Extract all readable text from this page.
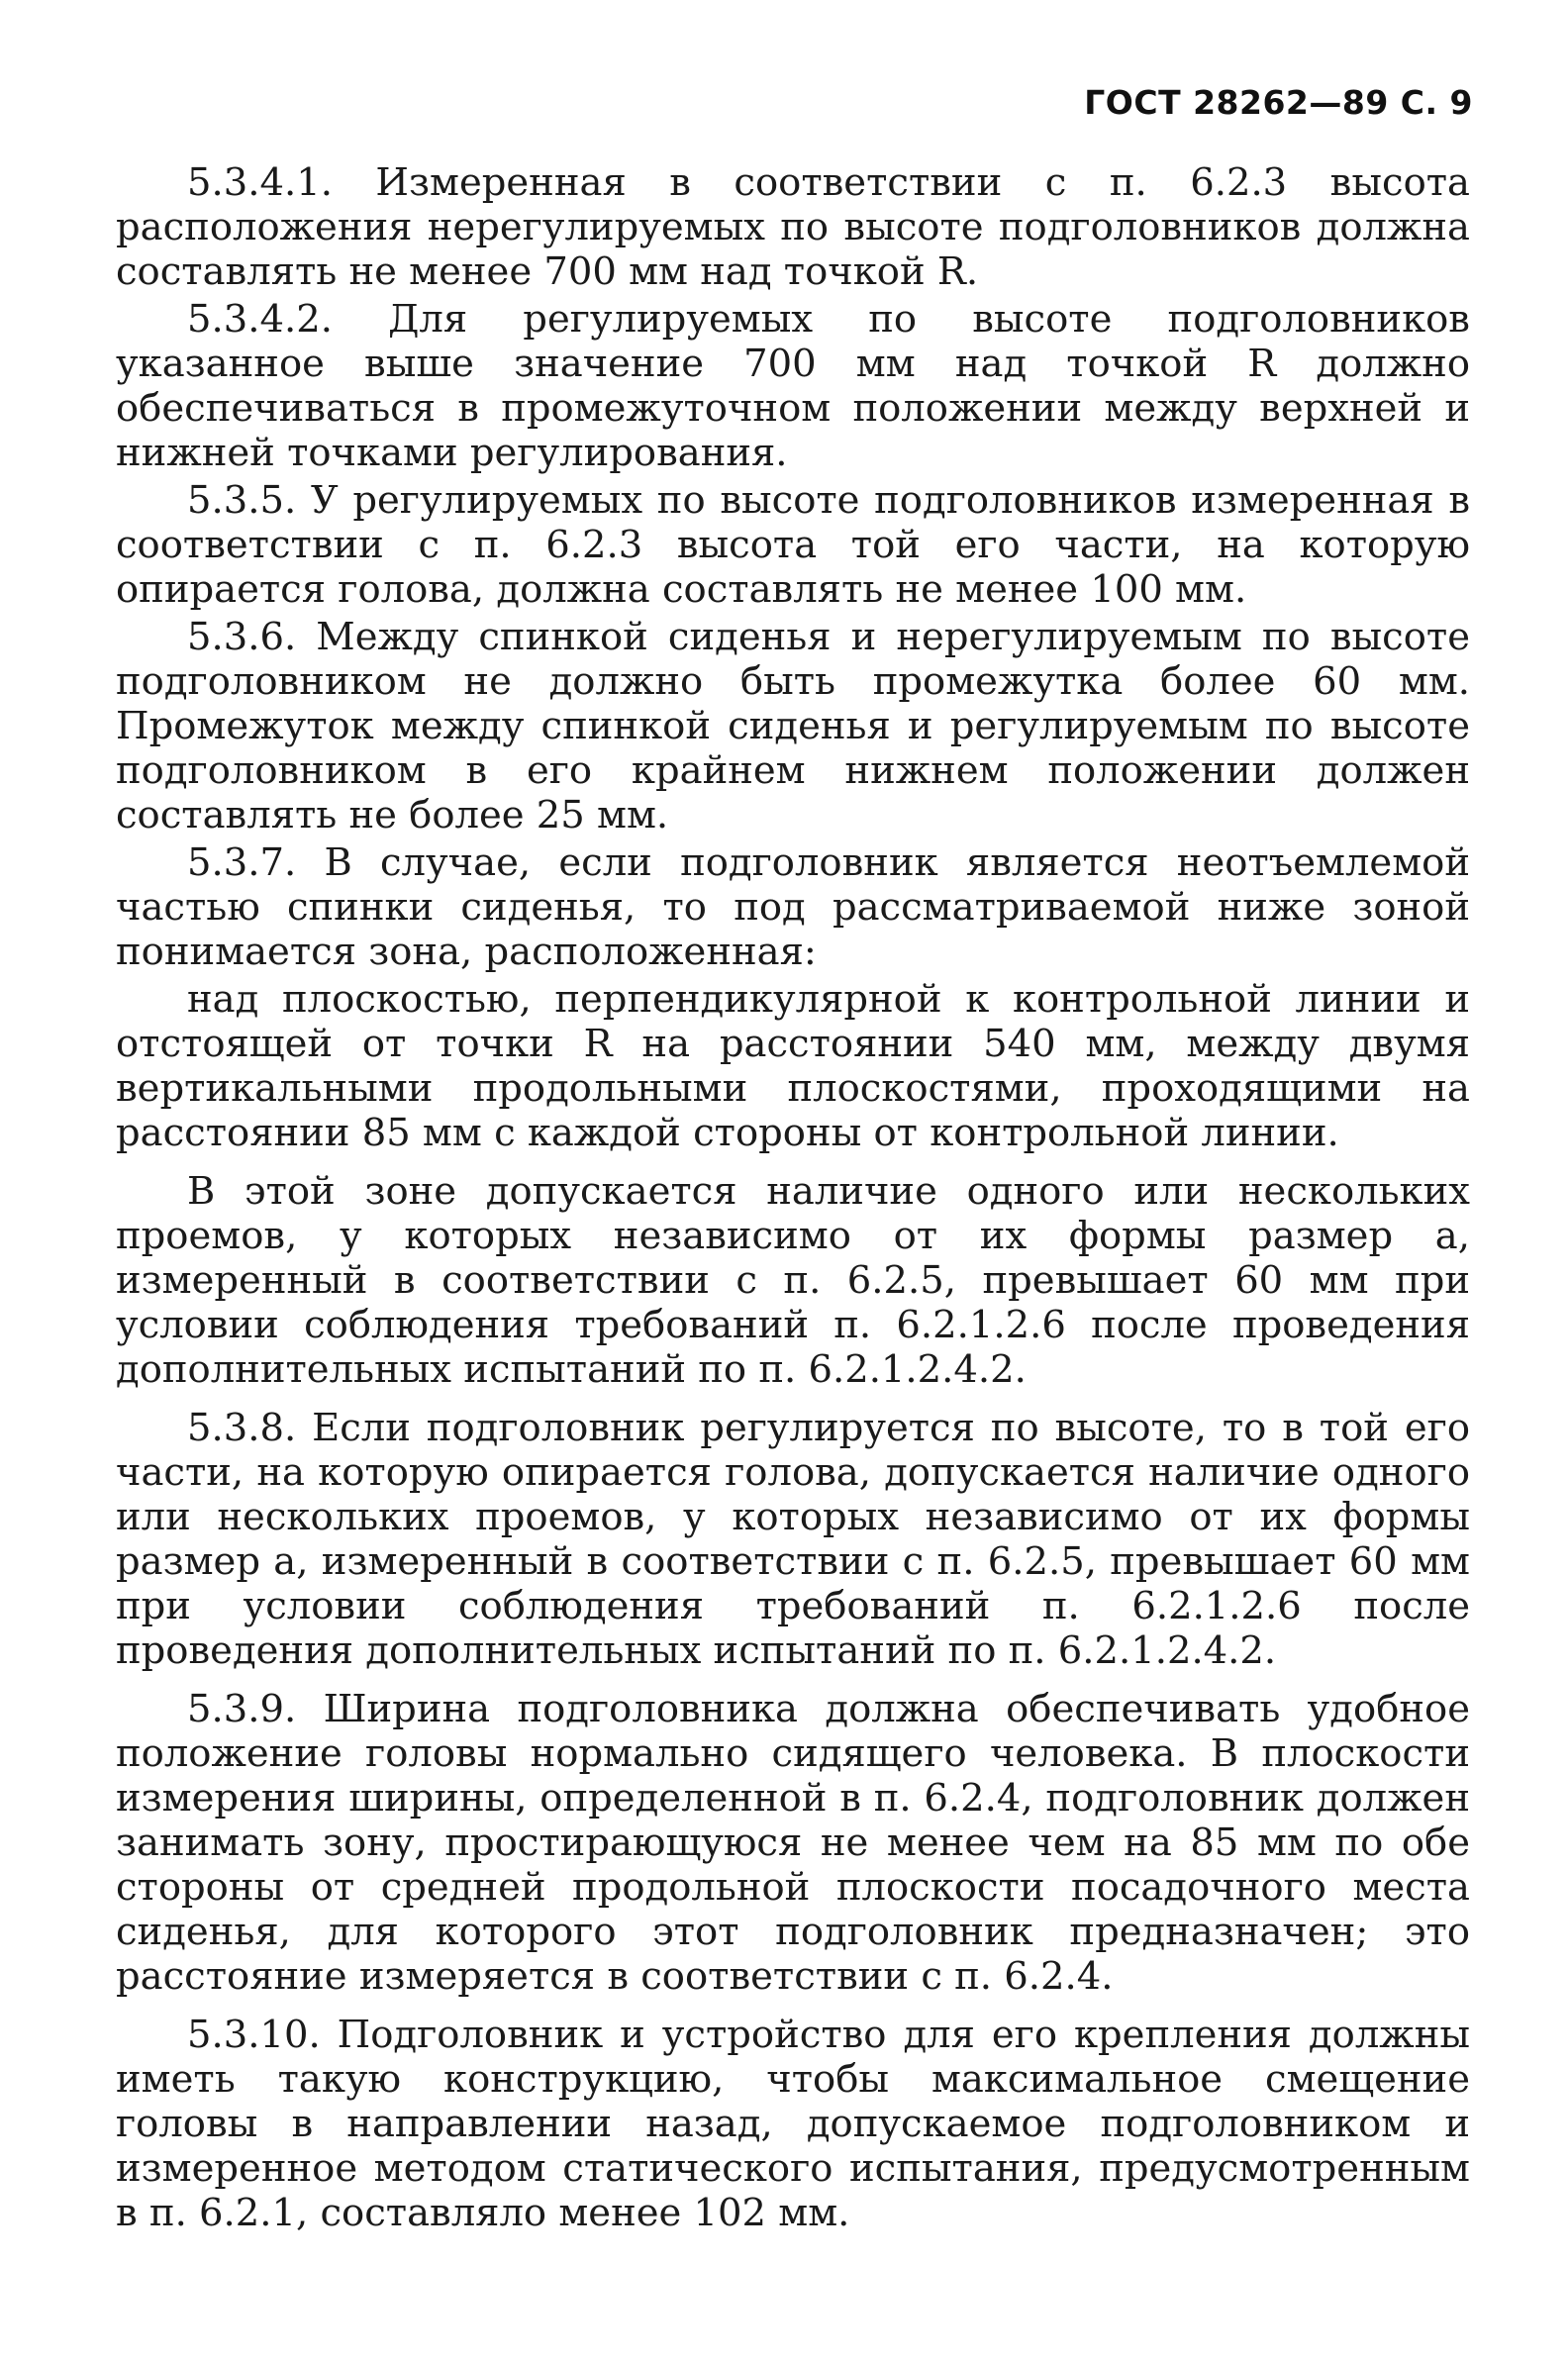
ГОСТ 28262—89 С. 9

5.3.4.1. Измеренная в соответствии с п. 6.2.3 высота расположения нерегулируемых по высоте подголовников должна составлять не менее 700 мм над точкой R.

5.3.4.2. Для регулируемых по высоте подголовников указанное выше значение 700 мм над точкой R должно обеспечиваться в промежуточном положении между верхней и нижней точками регулирования.

5.3.5. У регулируемых по высоте подголовников измеренная в соответствии с п. 6.2.3 высота той его части, на которую опирается голова, должна составлять не менее 100 мм.

5.3.6. Между спинкой сиденья и нерегулируемым по высоте подголовником не должно быть промежутка более 60 мм. Промежуток между спинкой сиденья и регулируемым по высоте подголовником в его крайнем нижнем положении должен составлять не более 25 мм.

5.3.7. В случае, если подголовник является неотъемлемой частью спинки сиденья, то под рассматриваемой ниже зоной понимается зона, расположенная:

над плоскостью, перпендикулярной к контрольной линии и отстоящей от точки R на расстоянии 540 мм, между двумя вертикальными продольными плоскостями, проходящими на расстоянии 85 мм с каждой стороны от контрольной линии.

В этой зоне допускается наличие одного или нескольких проемов, у которых независимо от их формы размер а, измеренный в соответствии с п. 6.2.5, превышает 60 мм при условии соблюдения требований п. 6.2.1.2.6 после проведения дополнительных испытаний по п. 6.2.1.2.4.2.

5.3.8. Если подголовник регулируется по высоте, то в той его части, на которую опирается голова, допускается наличие одного или нескольких проемов, у которых независимо от их формы размер а, измеренный в соответствии с п. 6.2.5, превышает 60 мм при условии соблюдения требований п. 6.2.1.2.6 после проведения дополнительных испытаний по п. 6.2.1.2.4.2.

5.3.9. Ширина подголовника должна обеспечивать удобное положение головы нормально сидящего человека. В плоскости измерения ширины, определенной в п. 6.2.4, подголовник должен занимать зону, простирающуюся не менее чем на 85 мм по обе стороны от средней продольной плоскости посадочного места сиденья, для которого этот подголовник предназначен; это расстояние измеряется в соответствии с п. 6.2.4.

5.3.10. Подголовник и устройство для его крепления должны иметь такую конструкцию, чтобы максимальное смещение головы в направлении назад, допускаемое подголовником и измеренное методом статического испытания, предусмотренным в п. 6.2.1, составляло менее 102 мм.
